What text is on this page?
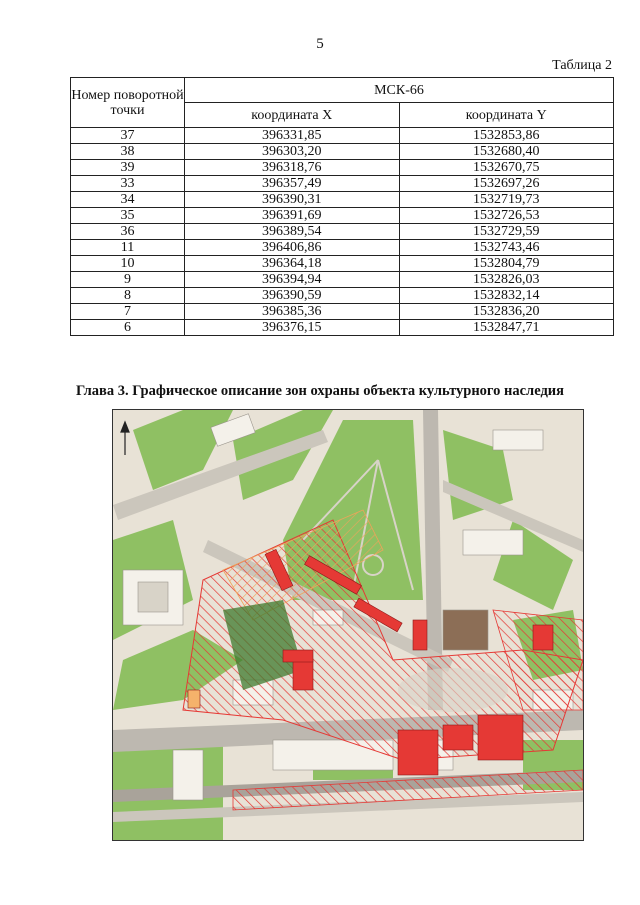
5
Таблица 2
Номер поворотной точки	МСК-66	
	координата X	координата Y
37	396331,85	1532853,86
38	396303,20	1532680,40
39	396318,76	1532670,75
33	396357,49	1532697,26
34	396390,31	1532719,73
35	396391,69	1532726,53
36	396389,54	1532729,59
11	396406,86	1532743,46
10	396364,18	1532804,79
9	396394,94	1532826,03
8	396390,59	1532832,14
7	396385,36	1532836,20
6	396376,15	1532847,71
Глава 3. Графическое описание зон охраны объекта культурного наследия
